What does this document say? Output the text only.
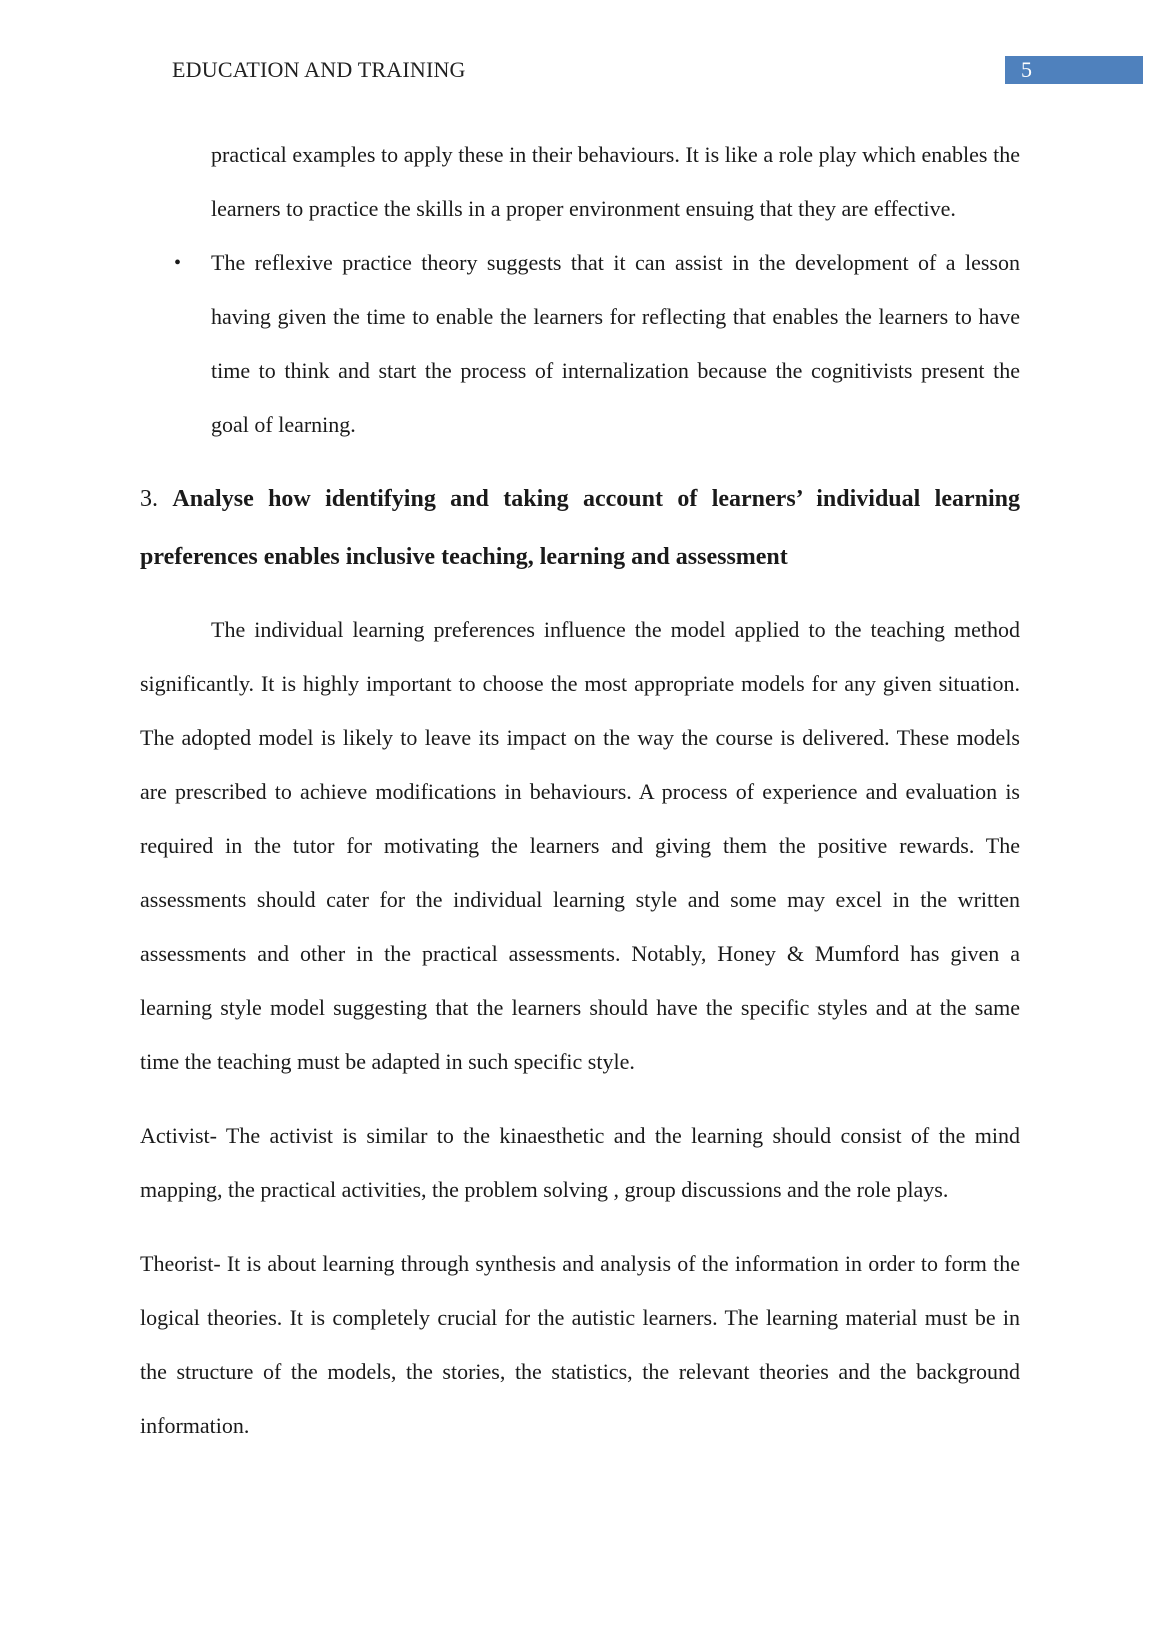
EDUCATION AND TRAINING	5
practical examples to apply these in their behaviours. It is like a role play which enables the learners to practice the skills in a proper environment ensuing that they are effective.
• The reflexive practice theory suggests that it can assist in the development of a lesson having given the time to enable the learners for reflecting that enables the learners to have time to think and start the process of internalization because the cognitivists present the goal of learning.
3. Analyse how identifying and taking account of learners’ individual learning preferences enables inclusive teaching, learning and assessment

The individual learning preferences influence the model applied to the teaching method significantly. It is highly important to choose the most appropriate models for any given situation. The adopted model is likely to leave its impact on the way the course is delivered. These models are prescribed to achieve modifications in behaviours. A process of experience and evaluation is required in the tutor for motivating the learners and giving them the positive rewards. The assessments should cater for the individual learning style and some may excel in the written assessments and other in the practical assessments. Notably, Honey & Mumford has given a learning style model suggesting that the learners should have the specific styles and at the same time the teaching must be adapted in such specific style.

Activist- The activist is similar to the kinaesthetic and the learning should consist of the mind mapping, the practical activities, the problem solving , group discussions and the role plays.

Theorist- It is about learning through synthesis and analysis of the information in order to form the logical theories. It is completely crucial for the autistic learners. The learning material must be in the structure of the models, the stories, the statistics, the relevant theories and the background information.
